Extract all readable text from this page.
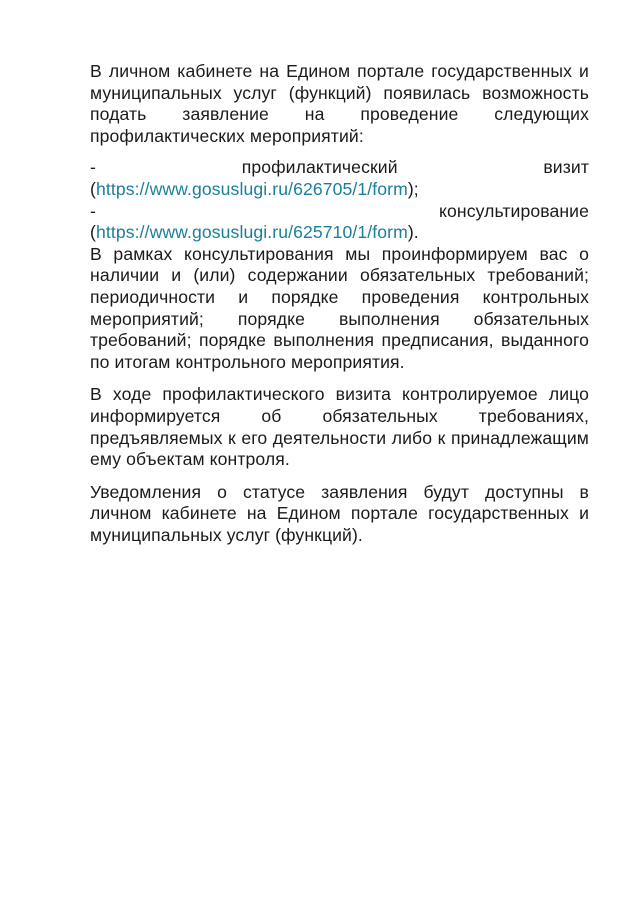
В личном кабинете на Едином портале государственных и муниципальных услуг (функций) появилась возможность подать заявление на проведение следующих профилактических мероприятий:

-	профилактический	визит
(https://www.gosuslugi.ru/626705/1/form);
-	консультирование
(https://www.gosuslugi.ru/625710/1/form).

В рамках консультирования мы проинформируем вас о наличии и (или) содержании обязательных требований; периодичности и порядке проведения контрольных мероприятий; порядке выполнения обязательных требований; порядке выполнения предписания, выданного по итогам контрольного мероприятия.

В ходе профилактического визита контролируемое лицо информируется об обязательных требованиях, предъявляемых к его деятельности либо к принадлежащим ему объектам контроля.

Уведомления о статусе заявления будут доступны в личном кабинете на Едином портале государственных и муниципальных услуг (функций).
